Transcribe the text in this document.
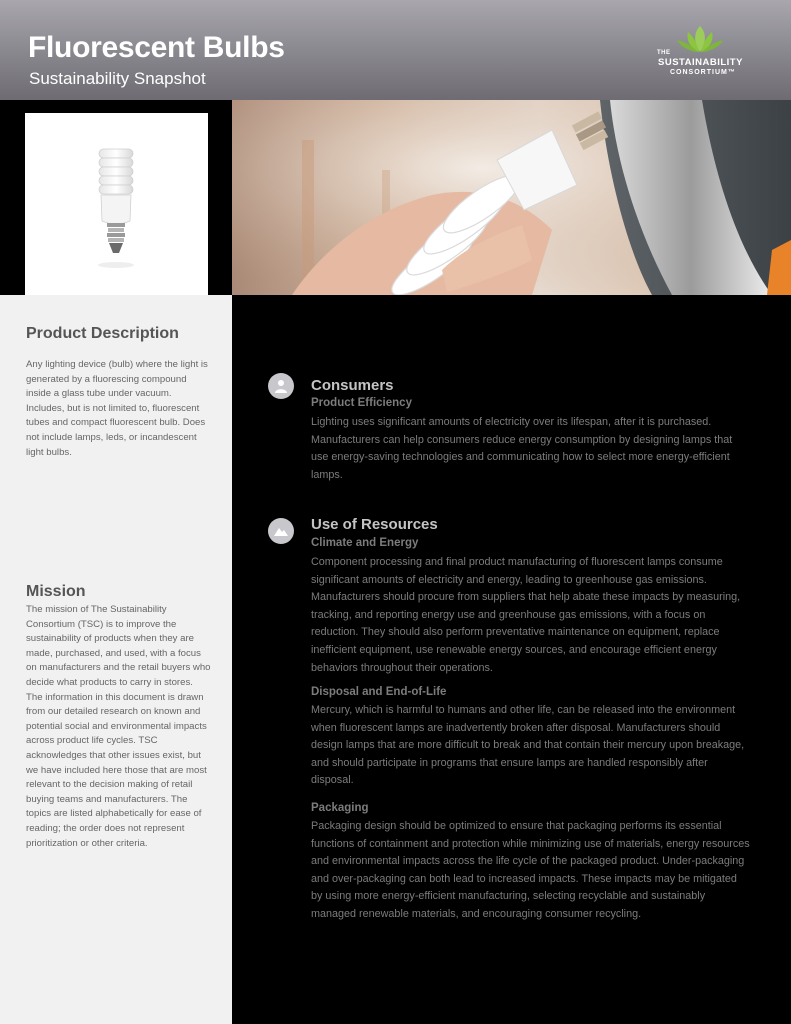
Fluorescent Bulbs
Sustainability Snapshot
THE
SUSTAINABILITY
CONSORTIUM™
Product Description
Any lighting device (bulb) where the light is generated by a fluorescing compound inside a glass tube under vacuum. Includes, but is not limited to, fluorescent tubes and compact fluorescent bulb. Does not include lamps, leds, or incandescent light bulbs.
Mission
The mission of The Sustainability Consortium (TSC) is to improve the sustainability of products when they are made, purchased, and used, with a focus on manufacturers and the retail buyers who decide what products to carry in stores. The information in this document is drawn from our detailed research on known and potential social and environmental impacts across product life cycles. TSC acknowledges that other issues exist, but we have included here those that are most relevant to the decision making of retail buying teams and manufacturers. The topics are listed alphabetically for ease of reading; the order does not represent prioritization or other criteria.
Consumers
Product Efficiency
Lighting uses significant amounts of electricity over its lifespan, after it is purchased. Manufacturers can help consumers reduce energy consumption by designing lamps that use energy-saving technologies and communicating how to select more energy-efficient lamps.
Use of Resources
Climate and Energy
Component processing and final product manufacturing of fluorescent lamps consume significant amounts of electricity and energy, leading to greenhouse gas emissions. Manufacturers should procure from suppliers that help abate these impacts by measuring, tracking, and reporting energy use and greenhouse gas emissions, with a focus on reduction. They should also perform preventative maintenance on equipment, replace inefficient equipment, use renewable energy sources, and encourage efficient energy behaviors throughout their operations.
Disposal and End-of-Life
Mercury, which is harmful to humans and other life, can be released into the environment when fluorescent lamps are inadvertently broken after disposal. Manufacturers should design lamps that are more difficult to break and that contain their mercury upon breakage, and should participate in programs that ensure lamps are handled responsibly after disposal.
Packaging
Packaging design should be optimized to ensure that packaging performs its essential functions of containment and protection while minimizing use of materials, energy resources and environmental impacts across the life cycle of the packaged product. Under-packaging and over-packaging can both lead to increased impacts. These impacts may be mitigated by using more energy-efficient manufacturing, selecting recyclable and sustainably managed renewable materials, and encouraging consumer recycling.
